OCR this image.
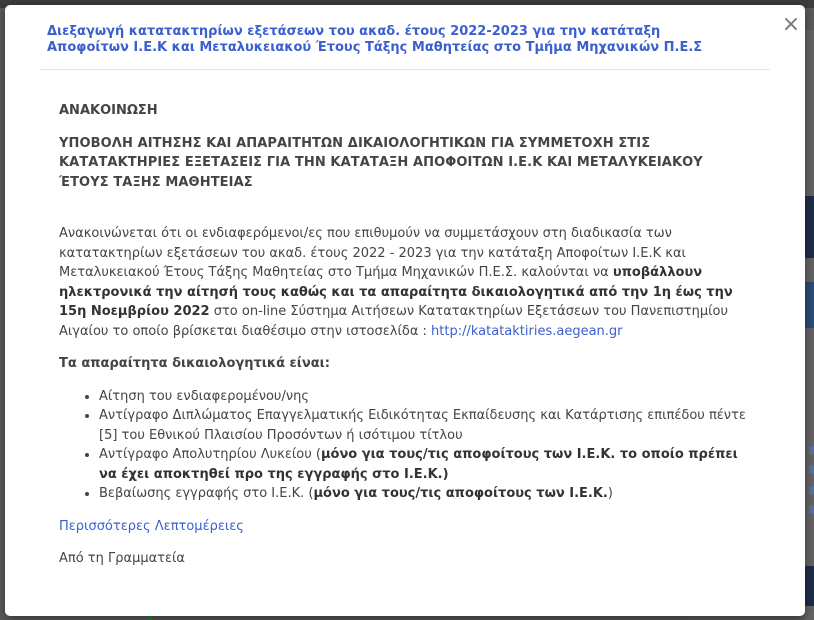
Διεξαγωγή κατατακτηρίων εξετάσεων του ακαδ. έτους 2022-2023 για την κατάταξη Αποφοίτων Ι.Ε.Κ και Μεταλυκειακού Έτους Τάξης Μαθητείας στο Τμήμα Μηχανικών Π.Ε.Σ
×
ΑΝΑΚΟΙΝΩΣΗ
ΥΠΟΒΟΛΗ ΑΙΤΗΣΗΣ ΚΑΙ ΑΠΑΡΑΙΤΗΤΩΝ ΔΙΚΑΙΟΛΟΓΗΤΙΚΩΝ ΓΙΑ ΣΥΜΜΕΤΟΧΗ ΣΤΙΣ ΚΑΤΑΤΑΚΤΗΡΙΕΣ ΕΞΕΤΑΣΕΙΣ ΓΙΑ ΤΗΝ ΚΑΤΑΤΑΞΗ ΑΠΟΦΟΙΤΩΝ Ι.Ε.Κ ΚΑΙ ΜΕΤΑΛΥΚΕΙΑΚΟΥ ΈΤΟΥΣ ΤΑΞΗΣ ΜΑΘΗΤΕΙΑΣ

Ανακοινώνεται ότι οι ενδιαφερόμενοι/ες που επιθυμούν να συμμετάσχουν στη διαδικασία των κατατακτηρίων εξετάσεων του ακαδ. έτους 2022 - 2023 για την κατάταξη Αποφοίτων Ι.Ε.Κ και Μεταλυκειακού Έτους Τάξης Μαθητείας στο Τμήμα Μηχανικών Π.Ε.Σ. καλούνται να υποβάλλουν ηλεκτρονικά την αίτησή τους καθώς και τα απαραίτητα δικαιολογητικά από την 1η έως την 15η Νοεμβρίου 2022 στο on-line Σύστημα Αιτήσεων Κατατακτηρίων Εξετάσεων του Πανεπιστημίου Αιγαίου το οποίο βρίσκεται διαθέσιμο στην ιστοσελίδα : http://katataktiries.aegean.gr

Τα απαραίτητα δικαιολογητικά είναι:
• Αίτηση του ενδιαφερομένου/νης
• Αντίγραφο Διπλώματος Επαγγελματικής Ειδικότητας Εκπαίδευσης και Κατάρτισης επιπέδου πέντε [5] του Εθνικού Πλαισίου Προσόντων ή ισότιμου τίτλου
• Αντίγραφο Απολυτηρίου Λυκείου (μόνο για τους/τις αποφοίτους των Ι.Ε.Κ. το οποίο πρέπει να έχει αποκτηθεί προ της εγγραφής στο Ι.Ε.Κ.)
• Βεβαίωσης εγγραφής στο Ι.Ε.Κ. (μόνο για τους/τις αποφοίτους των Ι.Ε.Κ.)
Περισσότερες Λεπτομέρειες
Από τη Γραμματεία
